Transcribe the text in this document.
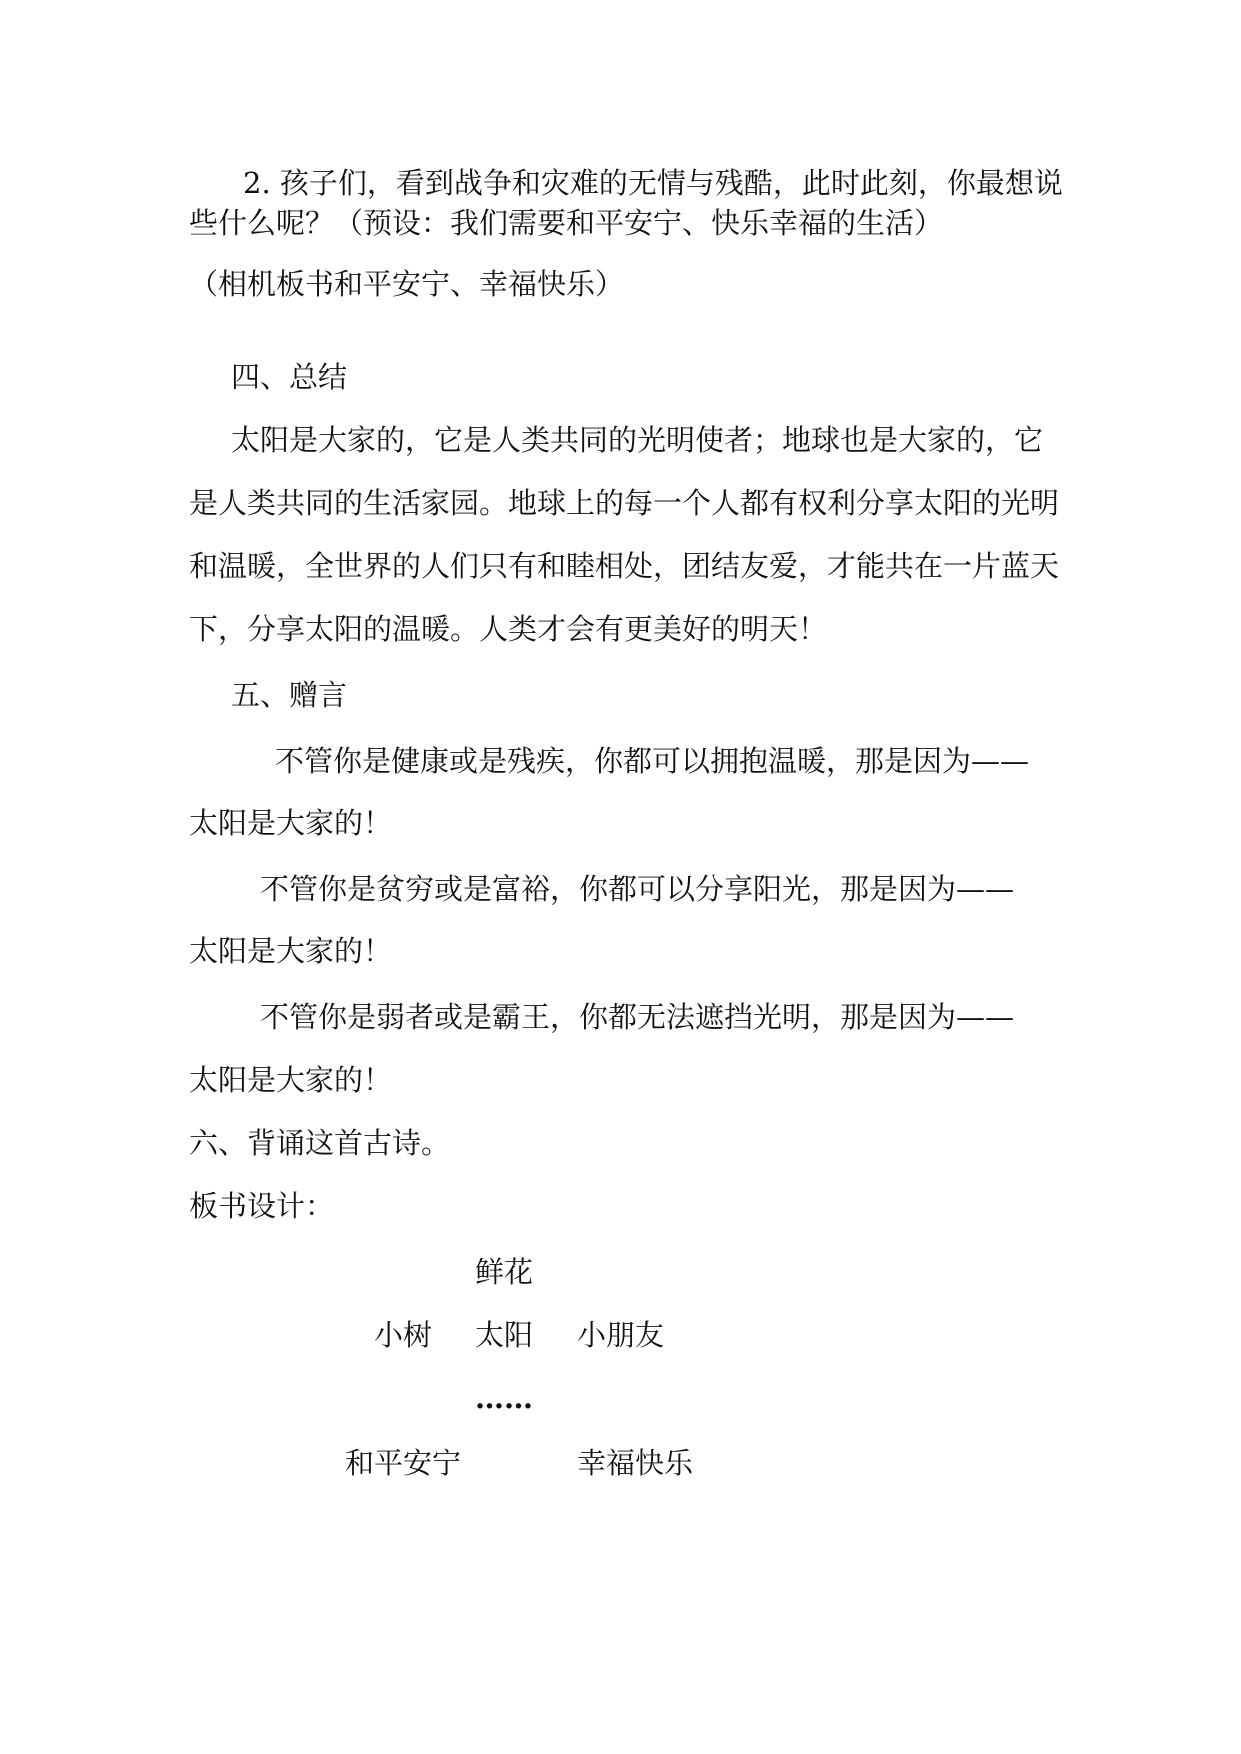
2. 孩子们，看到战争和灾难的无情与残酷，此时此刻，你最想说
些什么呢？（预设：我们需要和平安宁、快乐幸福的生活）
（相机板书和平安宁、幸福快乐）
四、总结
太阳是大家的，它是人类共同的光明使者；地球也是大家的，它
是人类共同的生活家园。地球上的每一个人都有权利分享太阳的光明
和温暖，全世界的人们只有和睦相处，团结友爱，才能共在一片蓝天
下，分享太阳的温暖。人类才会有更美好的明天！
五、赠言
不管你是健康或是残疾，你都可以拥抱温暖，那是因为——
太阳是大家的！
不管你是贫穷或是富裕，你都可以分享阳光，那是因为——
太阳是大家的！
不管你是弱者或是霸王，你都无法遮挡光明，那是因为——
太阳是大家的！
六、背诵这首古诗。
板书设计：
鲜花
小树 太阳 小朋友
……
和平安宁	幸福快乐
